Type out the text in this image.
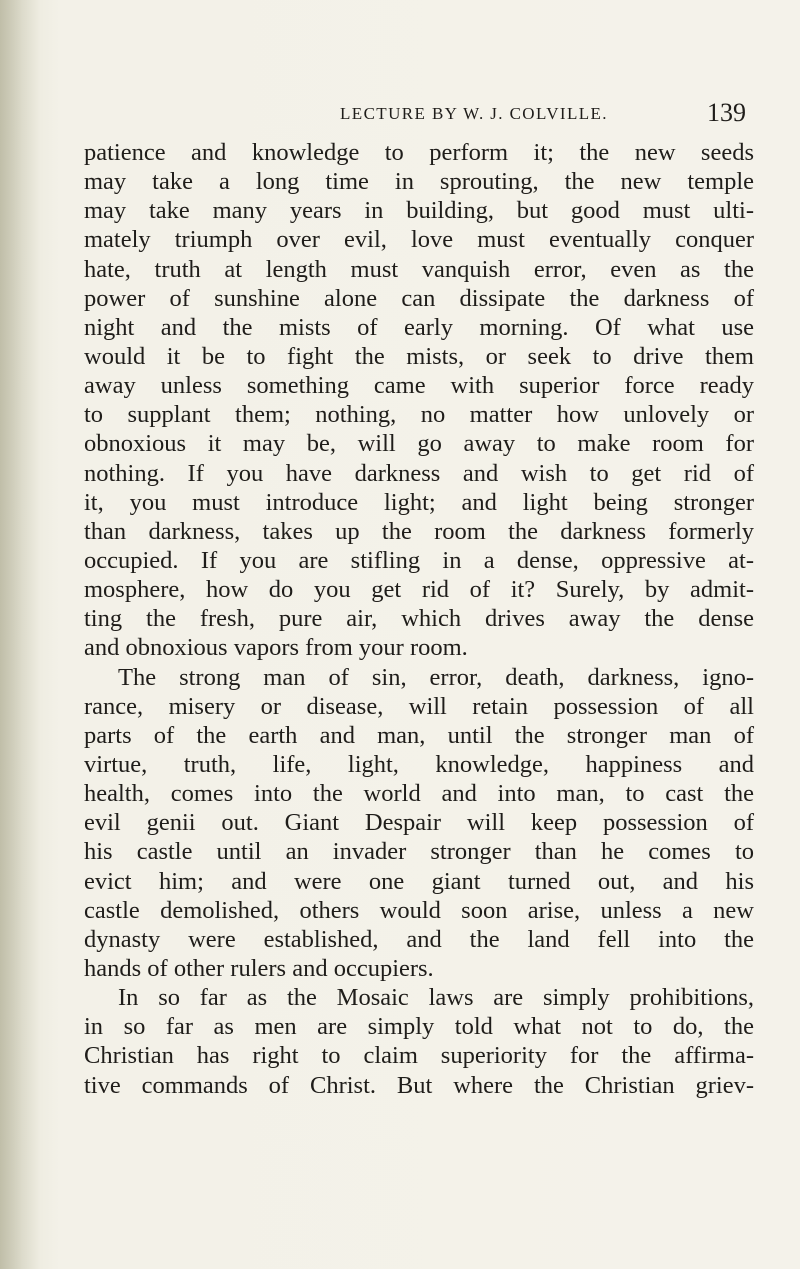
LECTURE BY W. J. COLVILLE.	139
patience and knowledge to perform it; the new seeds
may take a long time in sprouting, the new temple
may take many years in building, but good must ulti-
mately triumph over evil, love must eventually conquer
hate, truth at length must vanquish error, even as the
power of sunshine alone can dissipate the darkness of
night and the mists of early morning. Of what use
would it be to fight the mists, or seek to drive them
away unless something came with superior force ready
to supplant them; nothing, no matter how unlovely or
obnoxious it may be, will go away to make room for
nothing. If you have darkness and wish to get rid of
it, you must introduce light; and light being stronger
than darkness, takes up the room the darkness formerly
occupied. If you are stifling in a dense, oppressive at-
mosphere, how do you get rid of it? Surely, by admit-
ting the fresh, pure air, which drives away the dense
and obnoxious vapors from your room.
The strong man of sin, error, death, darkness, igno-
rance, misery or disease, will retain possession of all
parts of the earth and man, until the stronger man of
virtue, truth, life, light, knowledge, happiness and
health, comes into the world and into man, to cast the
evil genii out. Giant Despair will keep possession of
his castle until an invader stronger than he comes to
evict him; and were one giant turned out, and his
castle demolished, others would soon arise, unless a new
dynasty were established, and the land fell into the
hands of other rulers and occupiers.
In so far as the Mosaic laws are simply prohibitions,
in so far as men are simply told what not to do, the
Christian has right to claim superiority for the affirma-
tive commands of Christ. But where the Christian griev-
